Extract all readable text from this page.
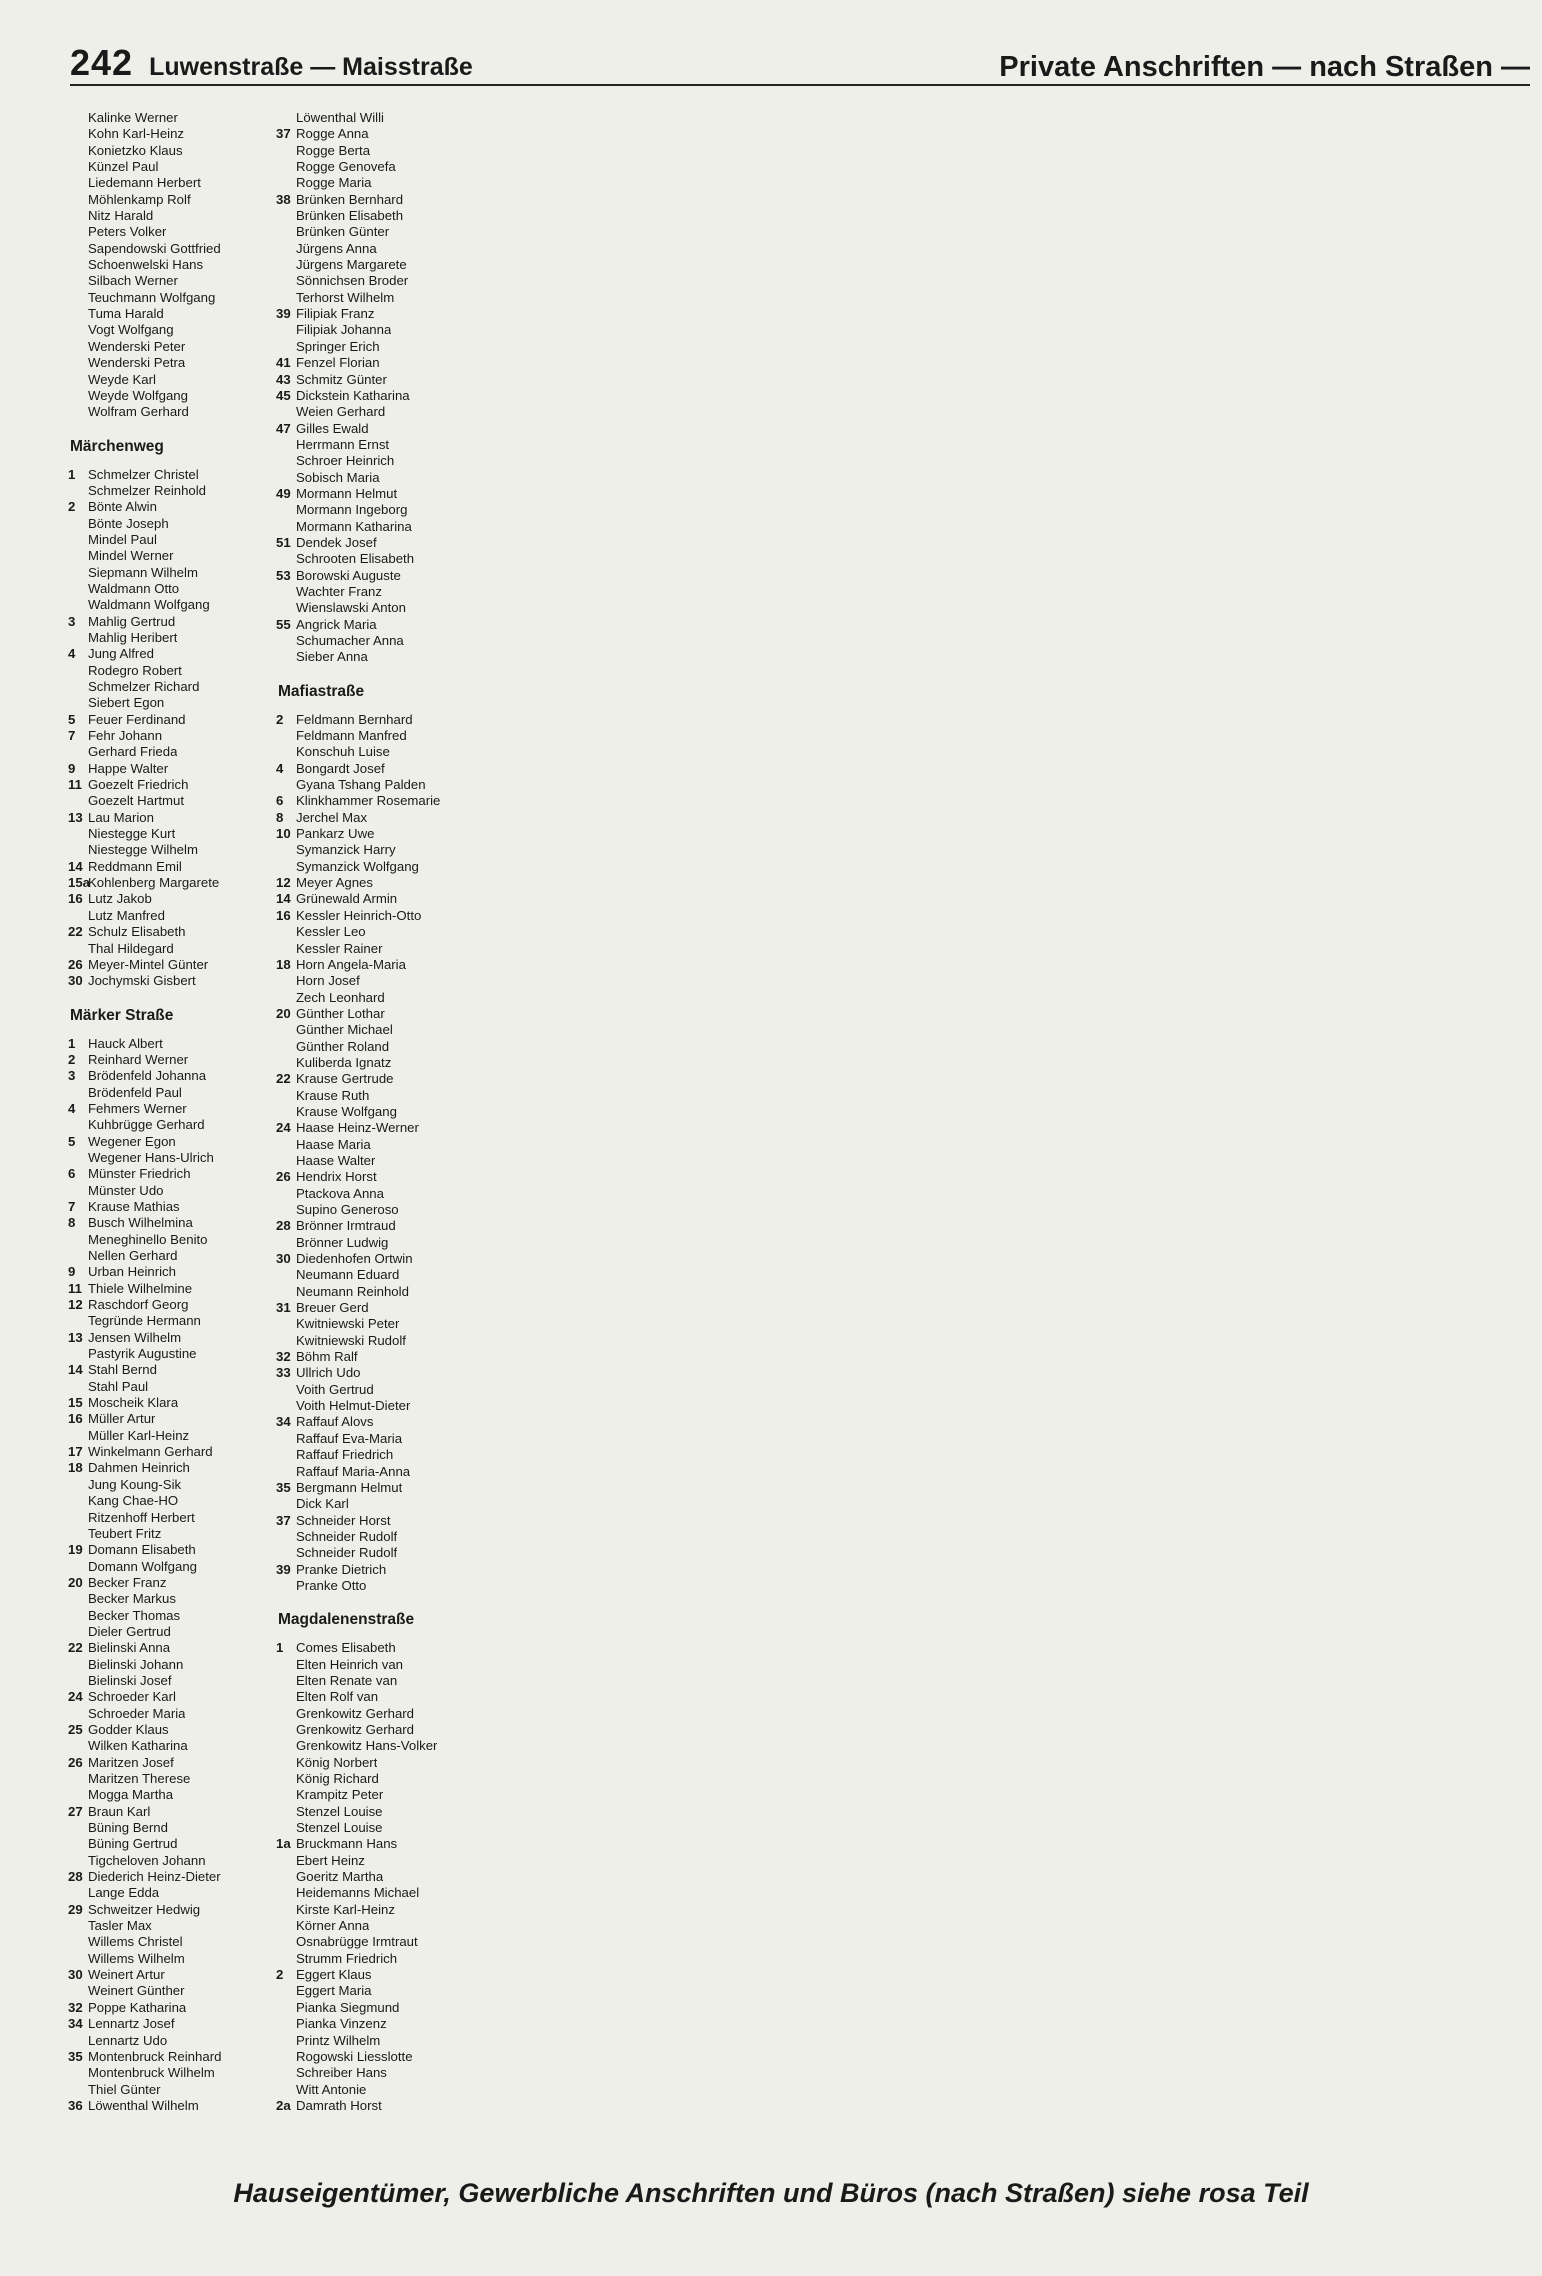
242 Luwenstraße — Maisstraße	Private Anschriften — nach Straßen —
Kalinke Werner
Kohn Karl-Heinz
Konietzko Klaus
Künzel Paul
Liedemann Herbert
Möhlenkamp Rolf
Nitz Harald
Peters Volker
Sapendowski Gottfried
Schoenwelski Hans
Silbach Werner
Teuchmann Wolfgang
Tuma Harald
Vogt Wolfgang
Wenderski Peter
Wenderski Petra
Weyde Karl
Weyde Wolfgang
Wolfram Gerhard
Märchenweg
1 Schmelzer Christel
Schmelzer Reinhold
2 Bönte Alwin
Bönte Joseph
Mindel Paul
Mindel Werner
Siepmann Wilhelm
Waldmann Otto
Waldmann Wolfgang
3 Mahlig Gertrud
Mahlig Heribert
4 Jung Alfred
Rodegro Robert
Schmelzer Richard
Siebert Egon
5 Feuer Ferdinand
7 Fehr Johann
Gerhard Frieda
9 Happe Walter
11 Goezelt Friedrich
Goezelt Hartmut
13 Lau Marion
Niestegge Kurt
Niestegge Wilhelm
14 Reddmann Emil
15a
Kohlenberg Margarete
16 Lutz Jakob
Lutz Manfred
22 Schulz Elisabeth
Thal Hildegard
26 Meyer-Mintel Günter
30 Jochymski Gisbert
Märker Straße
1 Hauck Albert
2 Reinhard Werner
3 Brödenfeld Johanna
Brödenfeld Paul
4 Fehmers Werner
Kuhbrügge Gerhard
5 Wegener Egon
Wegener Hans-Ulrich
6 Münster Friedrich
Münster Udo
7 Krause Mathias
8 Busch Wilhelmina
Meneghinello Benito
Nellen Gerhard
9 Urban Heinrich
11 Thiele Wilhelmine
12 Raschdorf Georg
Tegründe Hermann
13 Jensen Wilhelm
Pastyrik Augustine
14 Stahl Bernd
Stahl Paul
15 Moscheik Klara
16 Müller Artur
Müller Karl-Heinz
17 Winkelmann Gerhard
18 Dahmen Heinrich
Jung Koung-Sik
Kang Chae-HO
Ritzenhoff Herbert
Teubert Fritz
19 Domann Elisabeth
Domann Wolfgang
20 Becker Franz
Becker Markus
Becker Thomas
Dieler Gertrud
22 Bielinski Anna
Bielinski Johann
Bielinski Josef
24 Schroeder Karl
Schroeder Maria
25 Godder Klaus
Wilken Katharina
26 Maritzen Josef
Maritzen Therese
Mogga Martha
27 Braun Karl
Büning Bernd
Büning Gertrud
Tigcheloven Johann
28 Diederich Heinz-Dieter
Lange Edda
29 Schweitzer Hedwig
Tasler Max
Willems Christel
Willems Wilhelm
30 Weinert Artur
Weinert Günther
32 Poppe Katharina
34 Lennartz Josef
Lennartz Udo
35 Montenbruck Reinhard
Montenbruck Wilhelm
Thiel Günter
36 Löwenthal Wilhelm
Löwenthal Willi
37 Rogge Anna
Rogge Berta
Rogge Genovefa
Rogge Maria
38 Brünken Bernhard
Brünken Elisabeth
Brünken Günter
Jürgens Anna
Jürgens Margarete
Sönnichsen Broder
Terhorst Wilhelm
39 Filipiak Franz
Filipiak Johanna
Springer Erich
41 Fenzel Florian
43 Schmitz Günter
45 Dickstein Katharina
Weien Gerhard
47 Gilles Ewald
Herrmann Ernst
Schroer Heinrich
Sobisch Maria
49 Mormann Helmut
Mormann Ingeborg
Mormann Katharina
51 Dendek Josef
Schrooten Elisabeth
53 Borowski Auguste
Wachter Franz
Wienslawski Anton
55 Angrick Maria
Schumacher Anna
Sieber Anna
Mafiastraße
2 Feldmann Bernhard
Feldmann Manfred
Konschuh Luise
4 Bongardt Josef
Gyana Tshang Palden
6 Klinkhammer Rosemarie
8 Jerchel Max
10 Pankarz Uwe
Symanzick Harry
Symanzick Wolfgang
12 Meyer Agnes
14 Grünewald Armin
16 Kessler Heinrich-Otto
Kessler Leo
Kessler Rainer
18 Horn Angela-Maria
Horn Josef
Zech Leonhard
20 Günther Lothar
Günther Michael
Günther Roland
Kuliberda Ignatz
22 Krause Gertrude
Krause Ruth
Krause Wolfgang
24 Haase Heinz-Werner
Haase Maria
Haase Walter
26 Hendrix Horst
Ptackova Anna
Supino Generoso
28 Brönner Irmtraud
Brönner Ludwig
30 Diedenhofen Ortwin
Neumann Eduard
Neumann Reinhold
31 Breuer Gerd
Kwitniewski Peter
Kwitniewski Rudolf
32 Böhm Ralf
33 Ullrich Udo
Voith Gertrud
Voith Helmut-Dieter
34 Raffauf Alovs
Raffauf Eva-Maria
Raffauf Friedrich
Raffauf Maria-Anna
35 Bergmann Helmut
Dick Karl
37 Schneider Horst
Schneider Rudolf
Schneider Rudolf
39 Pranke Dietrich
Pranke Otto
Magdalenenstraße
1 Comes Elisabeth
Elten Heinrich van
Elten Renate van
Elten Rolf van
Grenkowitz Gerhard
Grenkowitz Gerhard
Grenkowitz Hans-Volker
König Norbert
König Richard
Krampitz Peter
Stenzel Louise
Stenzel Louise
1a Bruckmann Hans
Ebert Heinz
Goeritz Martha
Heidemanns Michael
Kirste Karl-Heinz
Körner Anna
Osnabrügge Irmtraut
Strumm Friedrich
2 Eggert Klaus
Eggert Maria
Pianka Siegmund
Pianka Vinzenz
Printz Wilhelm
Rogowski Liesslotte
Schreiber Hans
Witt Antonie
2a Damrath Horst
Hauseigentümer, Gewerbliche Anschriften und Büros (nach Straßen) siehe rosa Teil
